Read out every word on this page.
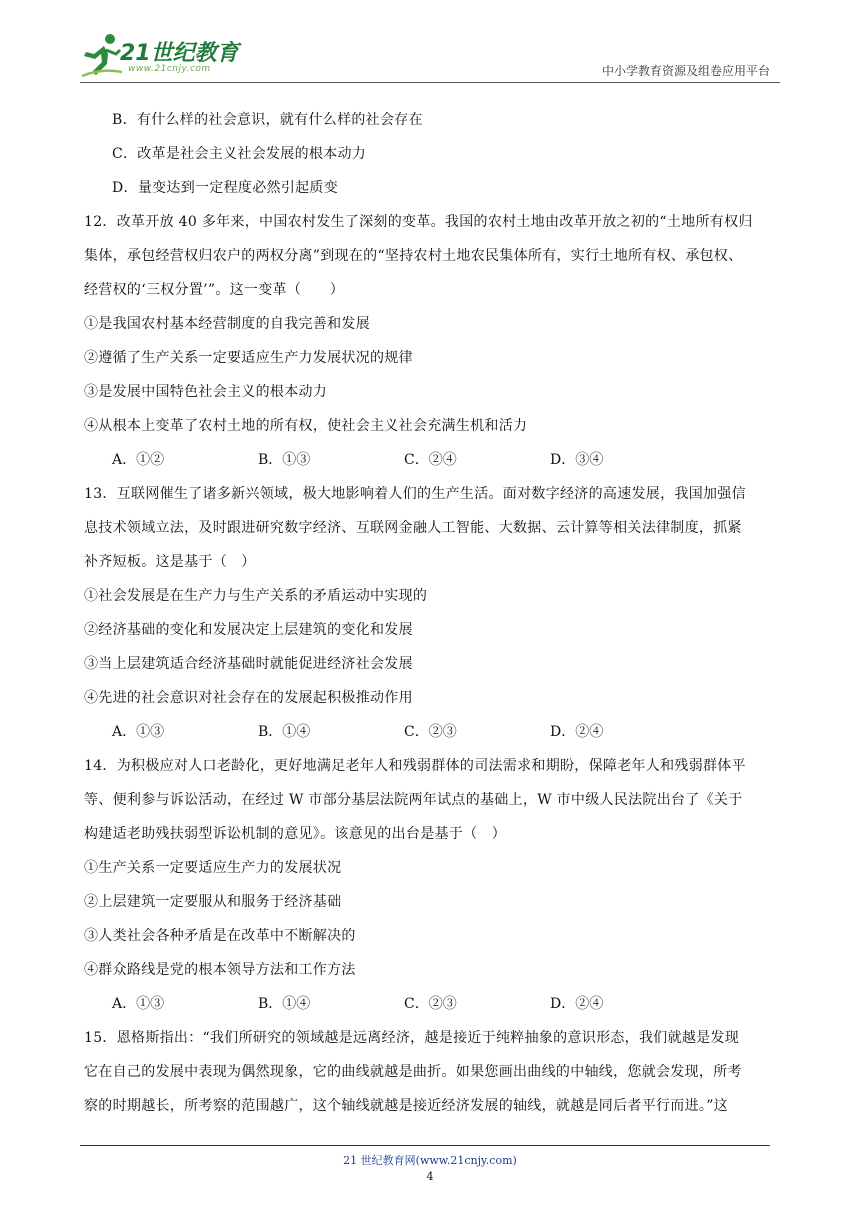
21世纪教育
www.21cnjy.com	中小学教育资源及组卷应用平台
B．有什么样的社会意识，就有什么样的社会存在
C．改革是社会主义社会发展的根本动力
D．量变达到一定程度必然引起质变
12．改革开放 40 多年来，中国农村发生了深刻的变革。我国的农村土地由改革开放之初的“土地所有权归
集体，承包经营权归农户的两权分离”到现在的“坚持农村土地农民集体所有，实行土地所有权、承包权、
经营权的‘三权分置’”。这一变革（　　）
①是我国农村基本经营制度的自我完善和发展
②遵循了生产关系一定要适应生产力发展状况的规律
③是发展中国特色社会主义的根本动力
④从根本上变革了农村土地的所有权，使社会主义社会充满生机和活力
A．①②	B．①③	C．②④	D．③④
13．互联网催生了诸多新兴领域，极大地影响着人们的生产生活。面对数字经济的高速发展，我国加强信
息技术领域立法，及时跟进研究数字经济、互联网金融人工智能、大数据、云计算等相关法律制度，抓紧
补齐短板。这是基于（　）
①社会发展是在生产力与生产关系的矛盾运动中实现的
②经济基础的变化和发展决定上层建筑的变化和发展
③当上层建筑适合经济基础时就能促进经济社会发展
④先进的社会意识对社会存在的发展起积极推动作用
A．①③	B．①④	C．②③	D．②④
14．为积极应对人口老龄化，更好地满足老年人和残弱群体的司法需求和期盼，保障老年人和残弱群体平
等、便利参与诉讼活动，在经过 W 市部分基层法院两年试点的基础上，W 市中级人民法院出台了《关于
构建适老助残扶弱型诉讼机制的意见》。该意见的出台是基于（　）
①生产关系一定要适应生产力的发展状况
②上层建筑一定要服从和服务于经济基础
③人类社会各种矛盾是在改革中不断解决的
④群众路线是党的根本领导方法和工作方法
A．①③	B．①④	C．②③	D．②④
15．恩格斯指出：“我们所研究的领域越是远离经济，越是接近于纯粹抽象的意识形态，我们就越是发现
它在自己的发展中表现为偶然现象，它的曲线就越是曲折。如果您画出曲线的中轴线，您就会发现，所考
察的时期越长，所考察的范围越广，这个轴线就越是接近经济发展的轴线，就越是同后者平行而进。”这
21 世纪教育网(www.21cnjy.com)
4
